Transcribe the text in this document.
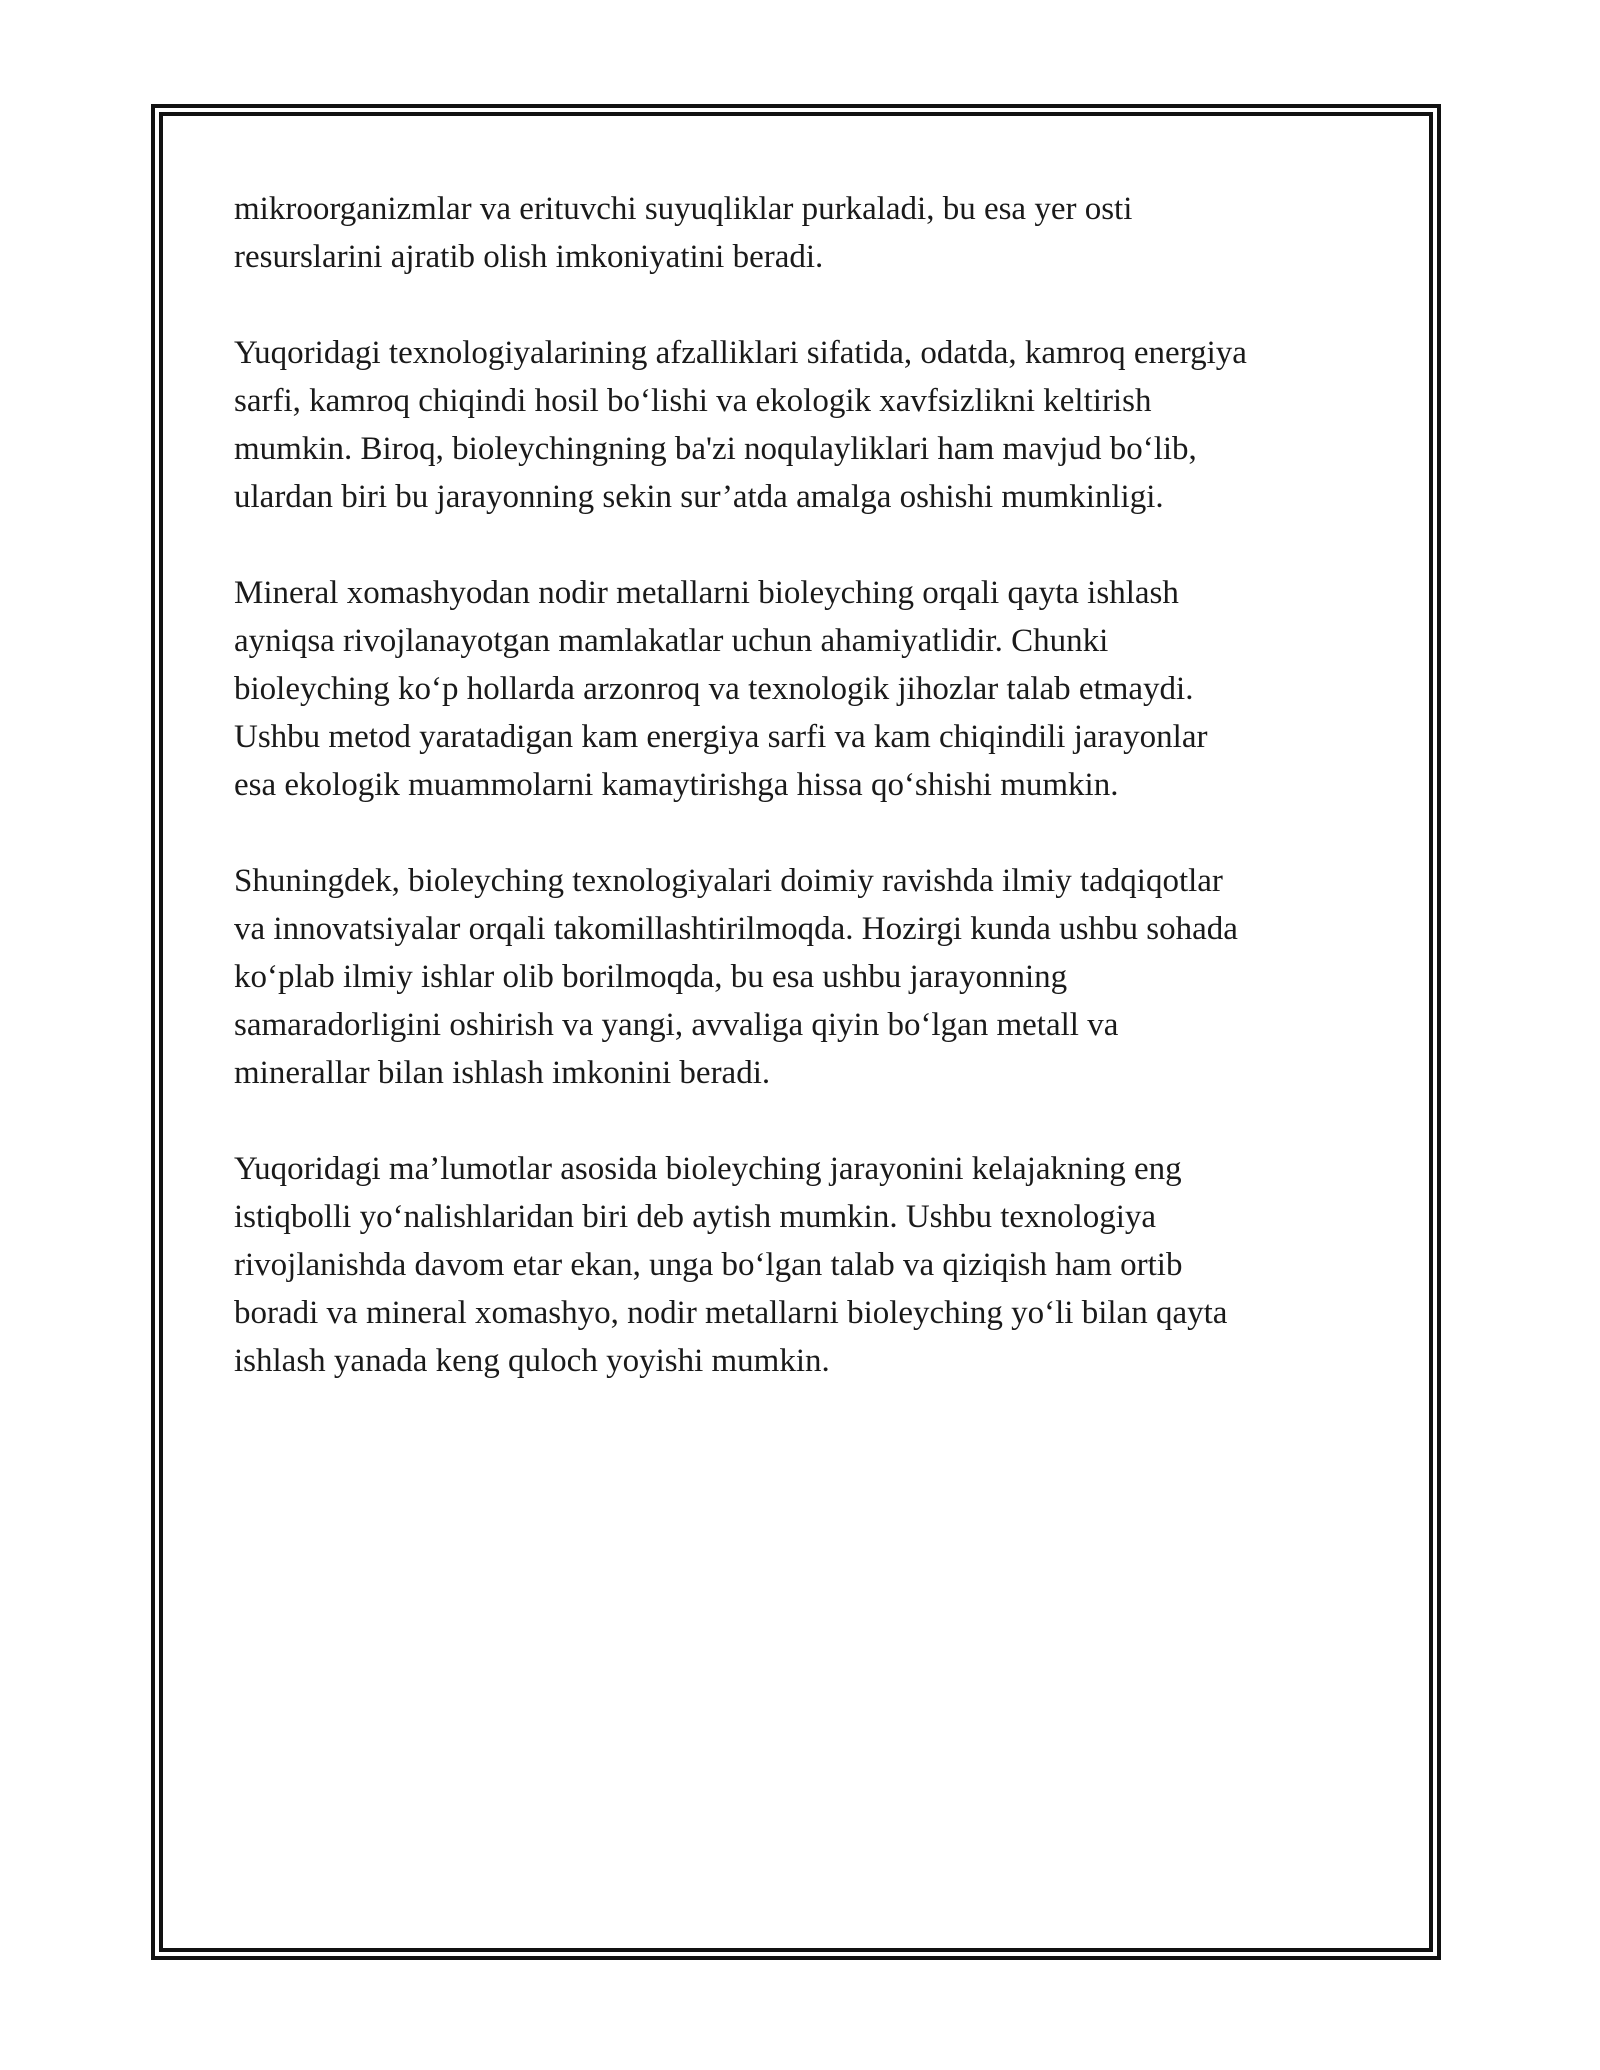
mikroorganizmlar va erituvchi suyuqliklar purkaladi, bu esa yer osti
resurslarini ajratib olish imkoniyatini beradi.
Yuqoridagi texnologiyalarining afzalliklari sifatida, odatda, kamroq energiya
sarfi, kamroq chiqindi hosil bo‘lishi va ekologik xavfsizlikni keltirish
mumkin. Biroq, bioleychingning ba'zi noqulayliklari ham mavjud bo‘lib,
ulardan biri bu jarayonning sekin sur’atda amalga oshishi mumkinligi.
Mineral xomashyodan nodir metallarni bioleyching orqali qayta ishlash
ayniqsa rivojlanayotgan mamlakatlar uchun ahamiyatlidir. Chunki
bioleyching ko‘p hollarda arzonroq va texnologik jihozlar talab etmaydi.
Ushbu metod yaratadigan kam energiya sarfi va kam chiqindili jarayonlar
esa ekologik muammolarni kamaytirishga hissa qo‘shishi mumkin.
Shuningdek, bioleyching texnologiyalari doimiy ravishda ilmiy tadqiqotlar
va innovatsiyalar orqali takomillashtirilmoqda. Hozirgi kunda ushbu sohada
ko‘plab ilmiy ishlar olib borilmoqda, bu esa ushbu jarayonning
samaradorligini oshirish va yangi, avvaliga qiyin bo‘lgan metall va
minerallar bilan ishlash imkonini beradi.
Yuqoridagi ma’lumotlar asosida bioleyching jarayonini kelajakning eng
istiqbolli yo‘nalishlaridan biri deb aytish mumkin. Ushbu texnologiya
rivojlanishda davom etar ekan, unga bo‘lgan talab va qiziqish ham ortib
boradi va mineral xomashyo, nodir metallarni bioleyching yo‘li bilan qayta
ishlash yanada keng quloch yoyishi mumkin.
